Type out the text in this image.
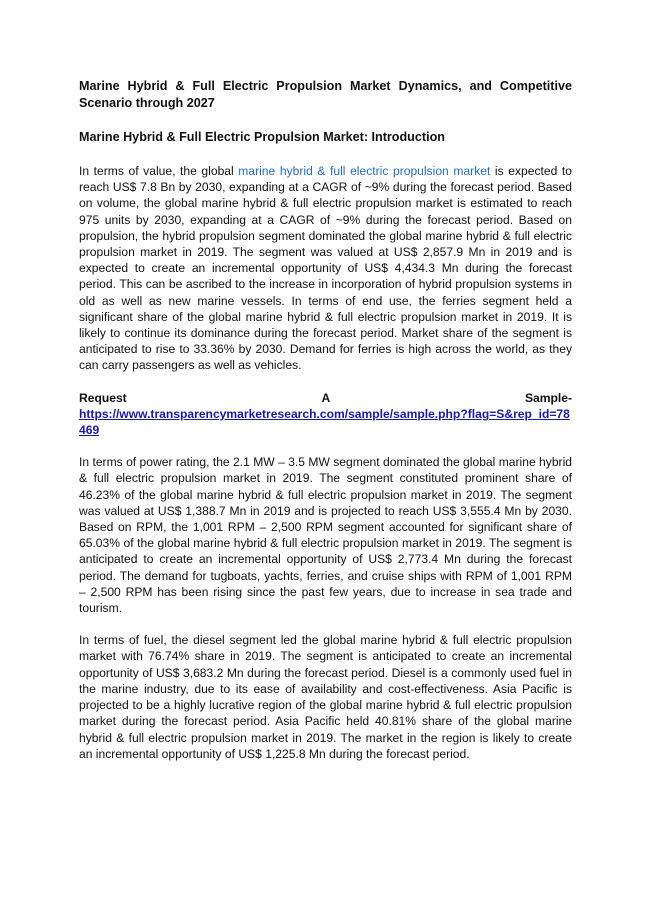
Marine Hybrid & Full Electric Propulsion Market Dynamics, and Competitive Scenario through 2027
Marine Hybrid & Full Electric Propulsion Market: Introduction

In terms of value, the global marine hybrid & full electric propulsion market is expected to reach US$ 7.8 Bn by 2030, expanding at a CAGR of ~9% during the forecast period. Based on volume, the global marine hybrid & full electric propulsion market is estimated to reach 975 units by 2030, expanding at a CAGR of ~9% during the forecast period. Based on propulsion, the hybrid propulsion segment dominated the global marine hybrid & full electric propulsion market in 2019. The segment was valued at US$ 2,857.9 Mn in 2019 and is expected to create an incremental opportunity of US$ 4,434.3 Mn during the forecast period. This can be ascribed to the increase in incorporation of hybrid propulsion systems in old as well as new marine vessels. In terms of end use, the ferries segment held a significant share of the global marine hybrid & full electric propulsion market in 2019. It is likely to continue its dominance during the forecast period. Market share of the segment is anticipated to rise to 33.36% by 2030. Demand for ferries is high across the world, as they can carry passengers as well as vehicles.

Request	A	Sample-
https://www.transparencymarketresearch.com/sample/sample.php?flag=S&rep_id=78469

In terms of power rating, the 2.1 MW – 3.5 MW segment dominated the global marine hybrid & full electric propulsion market in 2019. The segment constituted prominent share of 46.23% of the global marine hybrid & full electric propulsion market in 2019. The segment was valued at US$ 1,388.7 Mn in 2019 and is projected to reach US$ 3,555.4 Mn by 2030. Based on RPM, the 1,001 RPM – 2,500 RPM segment accounted for significant share of 65.03% of the global marine hybrid & full electric propulsion market in 2019. The segment is anticipated to create an incremental opportunity of US$ 2,773.4 Mn during the forecast period. The demand for tugboats, yachts, ferries, and cruise ships with RPM of 1,001 RPM – 2,500 RPM has been rising since the past few years, due to increase in sea trade and tourism.

In terms of fuel, the diesel segment led the global marine hybrid & full electric propulsion market with 76.74% share in 2019. The segment is anticipated to create an incremental opportunity of US$ 3,683.2 Mn during the forecast period. Diesel is a commonly used fuel in the marine industry, due to its ease of availability and cost-effectiveness. Asia Pacific is projected to be a highly lucrative region of the global marine hybrid & full electric propulsion market during the forecast period. Asia Pacific held 40.81% share of the global marine hybrid & full electric propulsion market in 2019. The market in the region is likely to create an incremental opportunity of US$ 1,225.8 Mn during the forecast period.
